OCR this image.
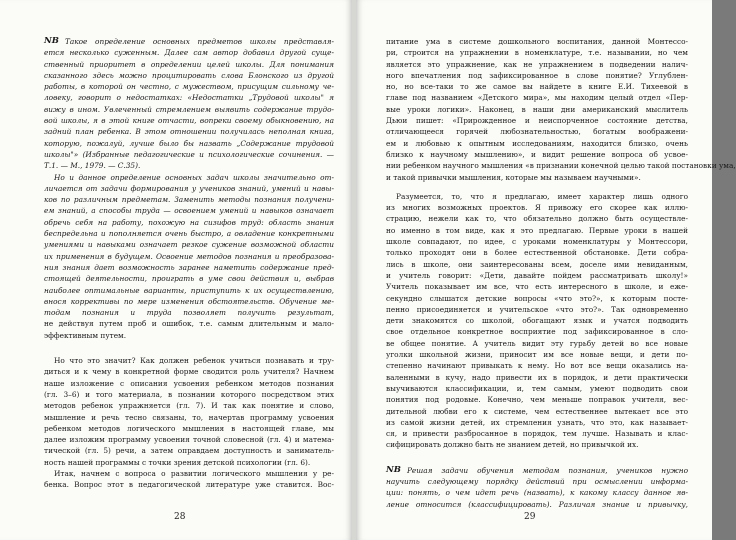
NB Такое определение основных предметов школы представля-
ется несколько суженным. Далее сам автор добавил другой суще-
ственный приоритет в определении целей школы. Для понимания
сказанного здесь можно процитировать слова Блонского из другой
работы, в которой он честно, с мужеством, присущим сильному че-
ловеку, говорит о недостатках: «Недостатки „Трудовой школы" я
вижу в ином. Увлеченный стремлением выявить содержание трудо-
вой школы, я в этой книге отчасти, вопреки своему обыкновению, на
задний план ребенка. В этом отношении получилась неполная книга,
которую, пожалуй, лучше было бы назвать „Содержание трудовой
школы"» (Избранные педагогические и психологические сочинения. —
Т.1. — М., 1979. — С.35).
Но и данное определение основных задач школы значительно от-
личается от задачи формирования у учеников знаний, умений и навы-
ков по различным предметам. Заменить методы познания получени-
ем знаний, а способы труда — освоением умений и навыков означает
обречь себя на работу, похожую на сизифов труд: область знания
беспредельна и пополняется очень быстро, а овладение конкретными
умениями и навыками означает резкое сужение возможной области
их применения в будущем. Освоение методов познания и преобразова-
ния знания дает возможность заранее наметить содержание пред-
стоящей деятельности, проиграть в уме свои действия и, выбрав
наиболее оптимальные варианты, приступить к их осуществлению,
внося коррективы по мере изменения обстоятельств. Обучение ме-
тодам познания и труда позволяет получить результат,
не действуя путем проб и ошибок, т.е. самым длительным и мало-
эффективным путем.
Но что это значит? Как должен ребенок учиться познавать и тру-
диться и к чему в конкретной форме сводится роль учителя? Начнем
наше изложение с описания усвоения ребенком методов познания
(гл. 3–6) и того материала, в познании которого посредством этих
методов ребенок упражняется (гл. 7). И так как понятие и слово,
мышление и речь тесно связаны, то, начертав программу усвоения
ребенком методов логического мышления в настоящей главе, мы
далее изложим программу усвоения точной словесной (гл. 4) и матема-
тической (гл. 5) речи, а затем оправдаем доступность и заниматель-
ность нашей программы с точки зрения детской психологии (гл. 6).
Итак, начнем с вопроса о развитии логического мышления у ре-
бенка. Вопрос этот в педагогической литературе уже ставится. Вос-
28
питание ума в системе дошкольного воспитания, данной Монтессо-
ри, строится на упражнении в номенклатуре, т.е. назывании, но чем
является это упражнение, как не упражнением в подведении налич-
ного впечатления под зафиксированное в слове понятие? Углублен-
но, но все-таки то же самое вы найдете в книге Е.И. Тихеевой в
главе под названием «Детского мира», мы находим целый отдел «Пер-
вые уроки логики». Наконец, в наши дни американский мыслитель
Дьюи пишет: «Прирожденное и неиспорченное состояние детства,
отличающееся горячей любознательностью, богатым воображени-
ем и любовью к опытным исследованиям, находится близко, очень
близко к научному мышлению», и видит решение вопроса об усвое-
нии ребенком научного мышления «в признании конечной целью такой постановки ума,
и такой привычки мышления, которые мы называем научными».
Разумеется, то, что я предлагаю, имеет характер лишь одного
из многих возможных проектов. Я привожу его скорее как иллю-
страцию, нежели как то, что обязательно должно быть осуществле-
но именно в том виде, как я это предлагаю. Первые уроки в нашей
школе совпадают, по идее, с уроками номенклатуры у Монтессори,
только проходят они в более естественной обстановке. Дети собра-
лись в школе, они заинтересованы всем, доселе ими невиданным,
и учитель говорит: «Дети, давайте пойдем рассматривать школу!»
Учитель показывает им все, что есть интересного в школе, и еже-
секундно слышатся детские вопросы «что это?», к которым посте-
пенно присоединяется и учительское «что это?». Так одновременно
дети знакомятся со школой, обогащают язык и учатся подводить
свое отдельное конкретное восприятие под зафиксированное в сло-
ве общее понятие. А учитель видит эту гурьбу детей во все новые
уголки школьной жизни, приносит им все новые вещи, и дети по-
степенно начинают привыкать к нему. Но вот все вещи оказались на-
валенными в кучу, надо привести их в порядок, и дети практически
выучиваются классификации, и, тем самым, умеют подводить свои
понятия под родовые. Конечно, чем меньше поправок учителя, вес-
дительной любви его к системе, чем естественнее вытекает все это
из самой жизни детей, их стремления узнать, что это, как называет-
ся, и привести разбросанное в порядок, тем лучше. Называть и клас-
сифицировать должно быть не знанием детей, но привычкой их.
NB Решая задачи обучения методам познания, учеников нужно
научить следующему порядку действий при осмыслении информа-
ции: понять, о чем идет речь (назвать), к какому классу данное яв-
ление относится (классифицировать). Различая знание и привычку,
29
